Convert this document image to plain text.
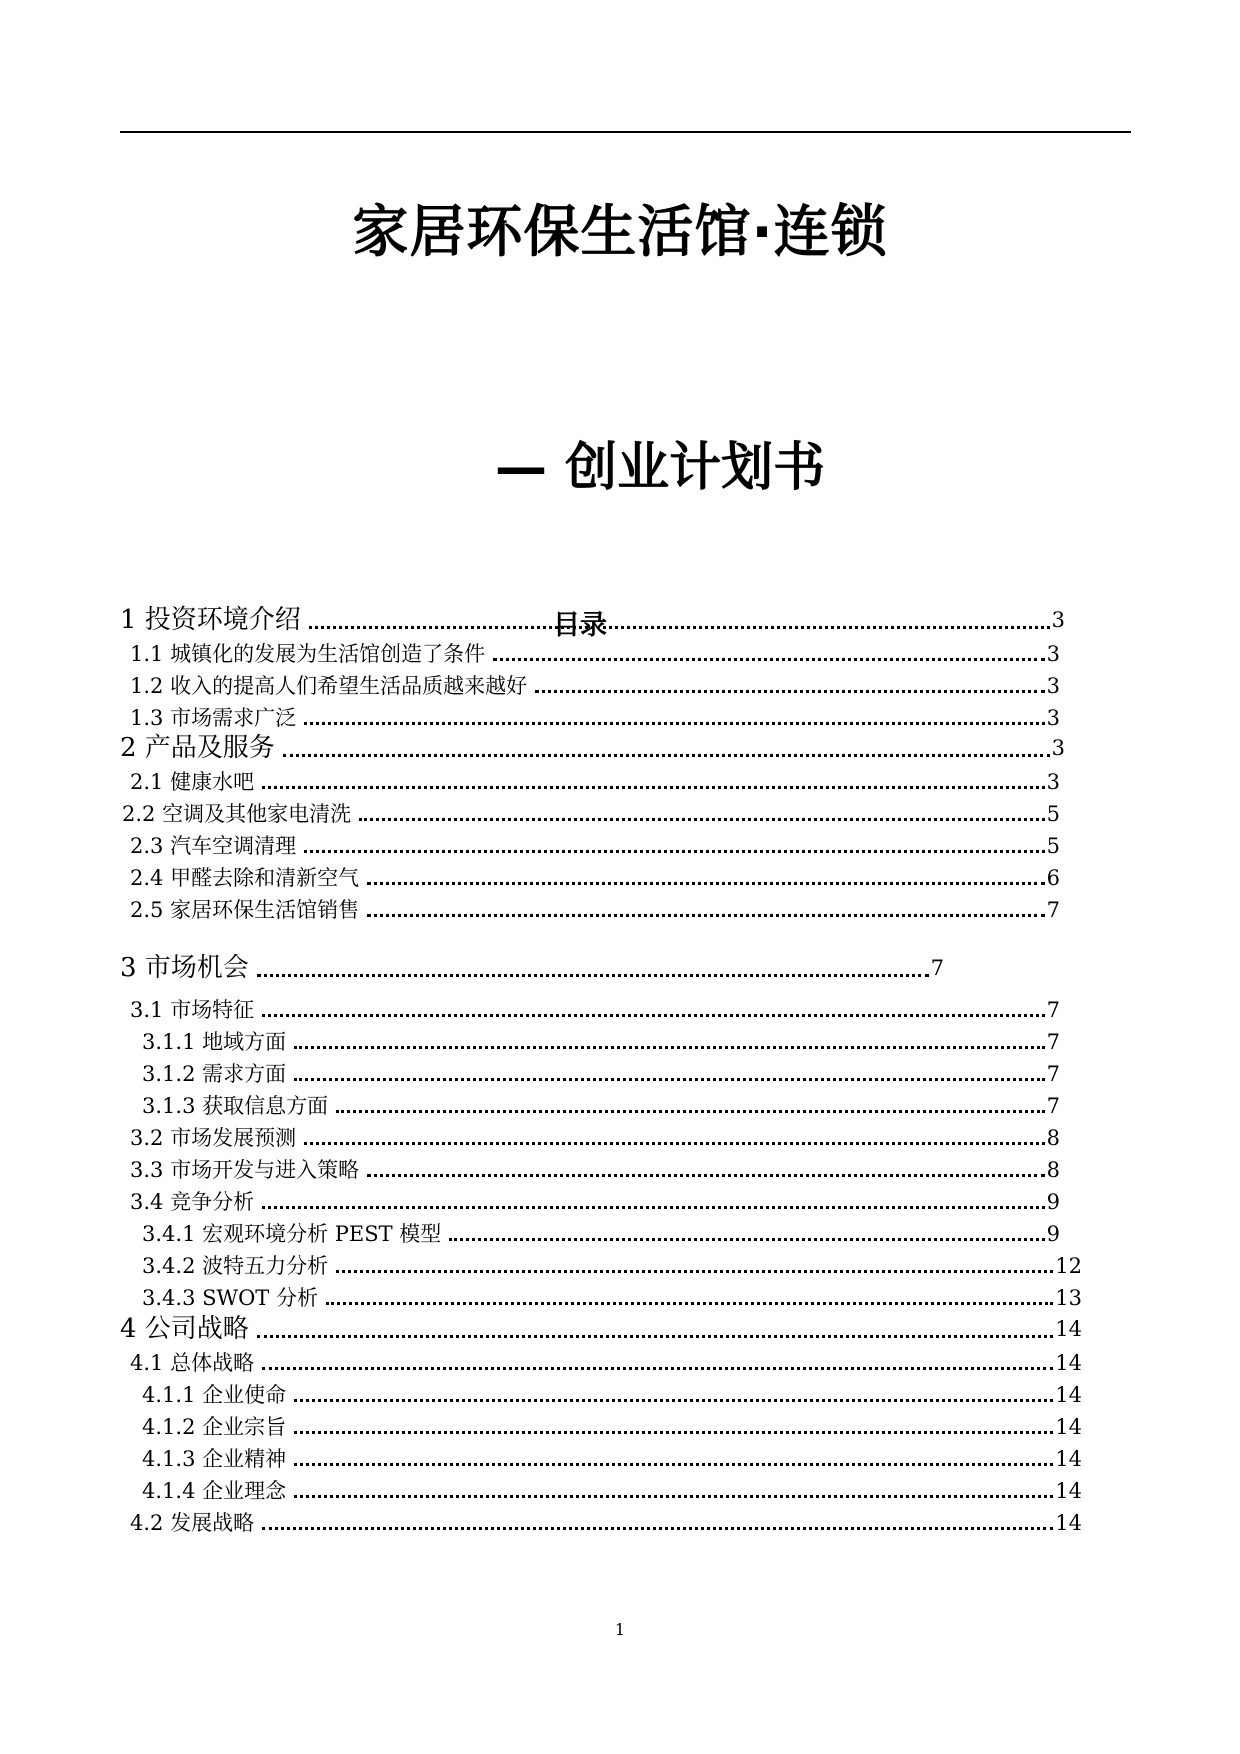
家居环保生活馆·连锁
— 创业计划书
目录
1 投资环境介绍	3
1.1 城镇化的发展为生活馆创造了条件	3
1.2 收入的提高人们希望生活品质越来越好	3
1.3 市场需求广泛	3
2 产品及服务	3
2.1 健康水吧	3
2.2 空调及其他家电清洗	5
2.3 汽车空调清理	5
2.4 甲醛去除和清新空气	6
2.5 家居环保生活馆销售	7
3 市场机会	7
3.1 市场特征	7
3.1.1 地域方面	7
3.1.2 需求方面	7
3.1.3 获取信息方面	7
3.2 市场发展预测	8
3.3 市场开发与进入策略	8
3.4 竞争分析	9
3.4.1 宏观环境分析 PEST 模型	9
3.4.2 波特五力分析	12
3.4.3 SWOT 分析	13
4 公司战略	14
4.1 总体战略	14
4.1.1 企业使命	14
4.1.2 企业宗旨	14
4.1.3 企业精神	14
4.1.4 企业理念	14
4.2 发展战略	14
1
